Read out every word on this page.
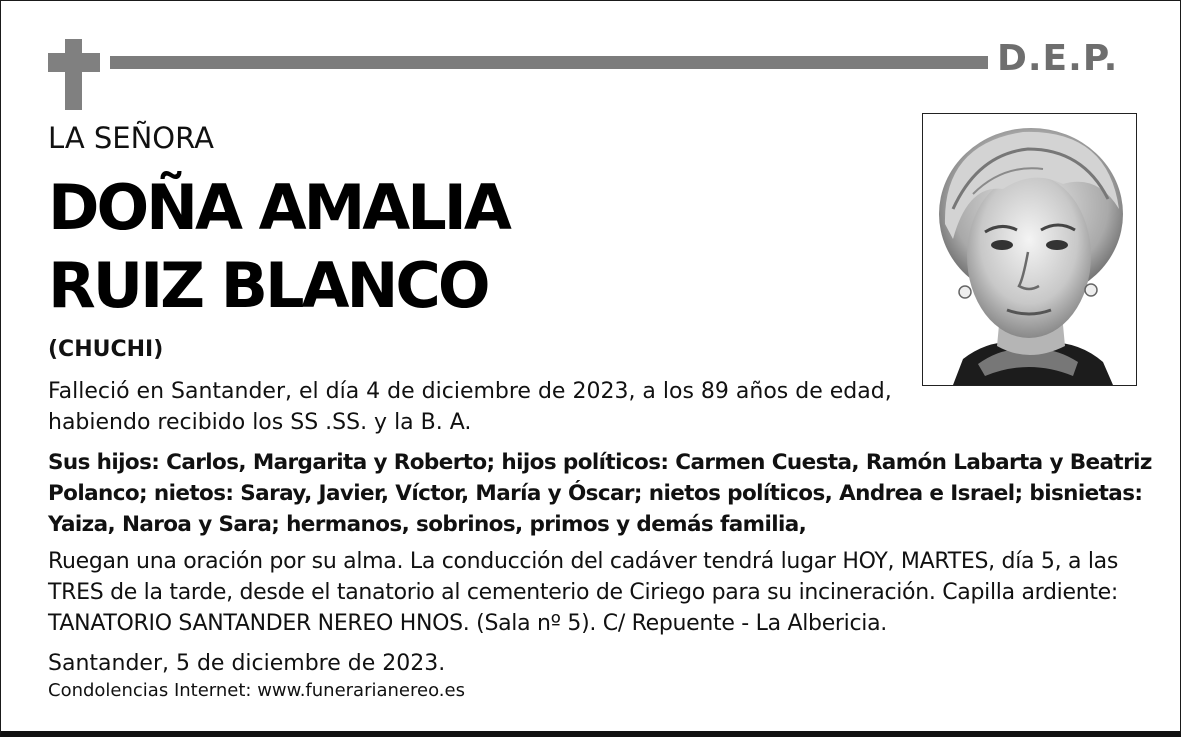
D.E.P.
LA SEÑORA
DOÑA AMALIA
RUIZ BLANCO
(CHUCHI)
Falleció en Santander, el día 4 de diciembre de 2023, a los 89 años de edad,
habiendo recibido los SS .SS. y la B. A.
Sus hijos: Carlos, Margarita y Roberto; hijos políticos: Carmen Cuesta, Ramón Labarta y Beatriz
Polanco; nietos: Saray, Javier, Víctor, María y Óscar; nietos políticos, Andrea e Israel; bisnietas:
Yaiza, Naroa y Sara; hermanos, sobrinos, primos y demás familia,
Ruegan una oración por su alma. La conducción del cadáver tendrá lugar HOY, MARTES, día 5, a las
TRES de la tarde, desde el tanatorio al cementerio de Ciriego para su incineración. Capilla ardiente:
TANATORIO SANTANDER NEREO HNOS. (Sala nº 5). C/ Repuente - La Albericia.
Santander, 5 de diciembre de 2023.
Condolencias Internet: www.funerarianereo.es
